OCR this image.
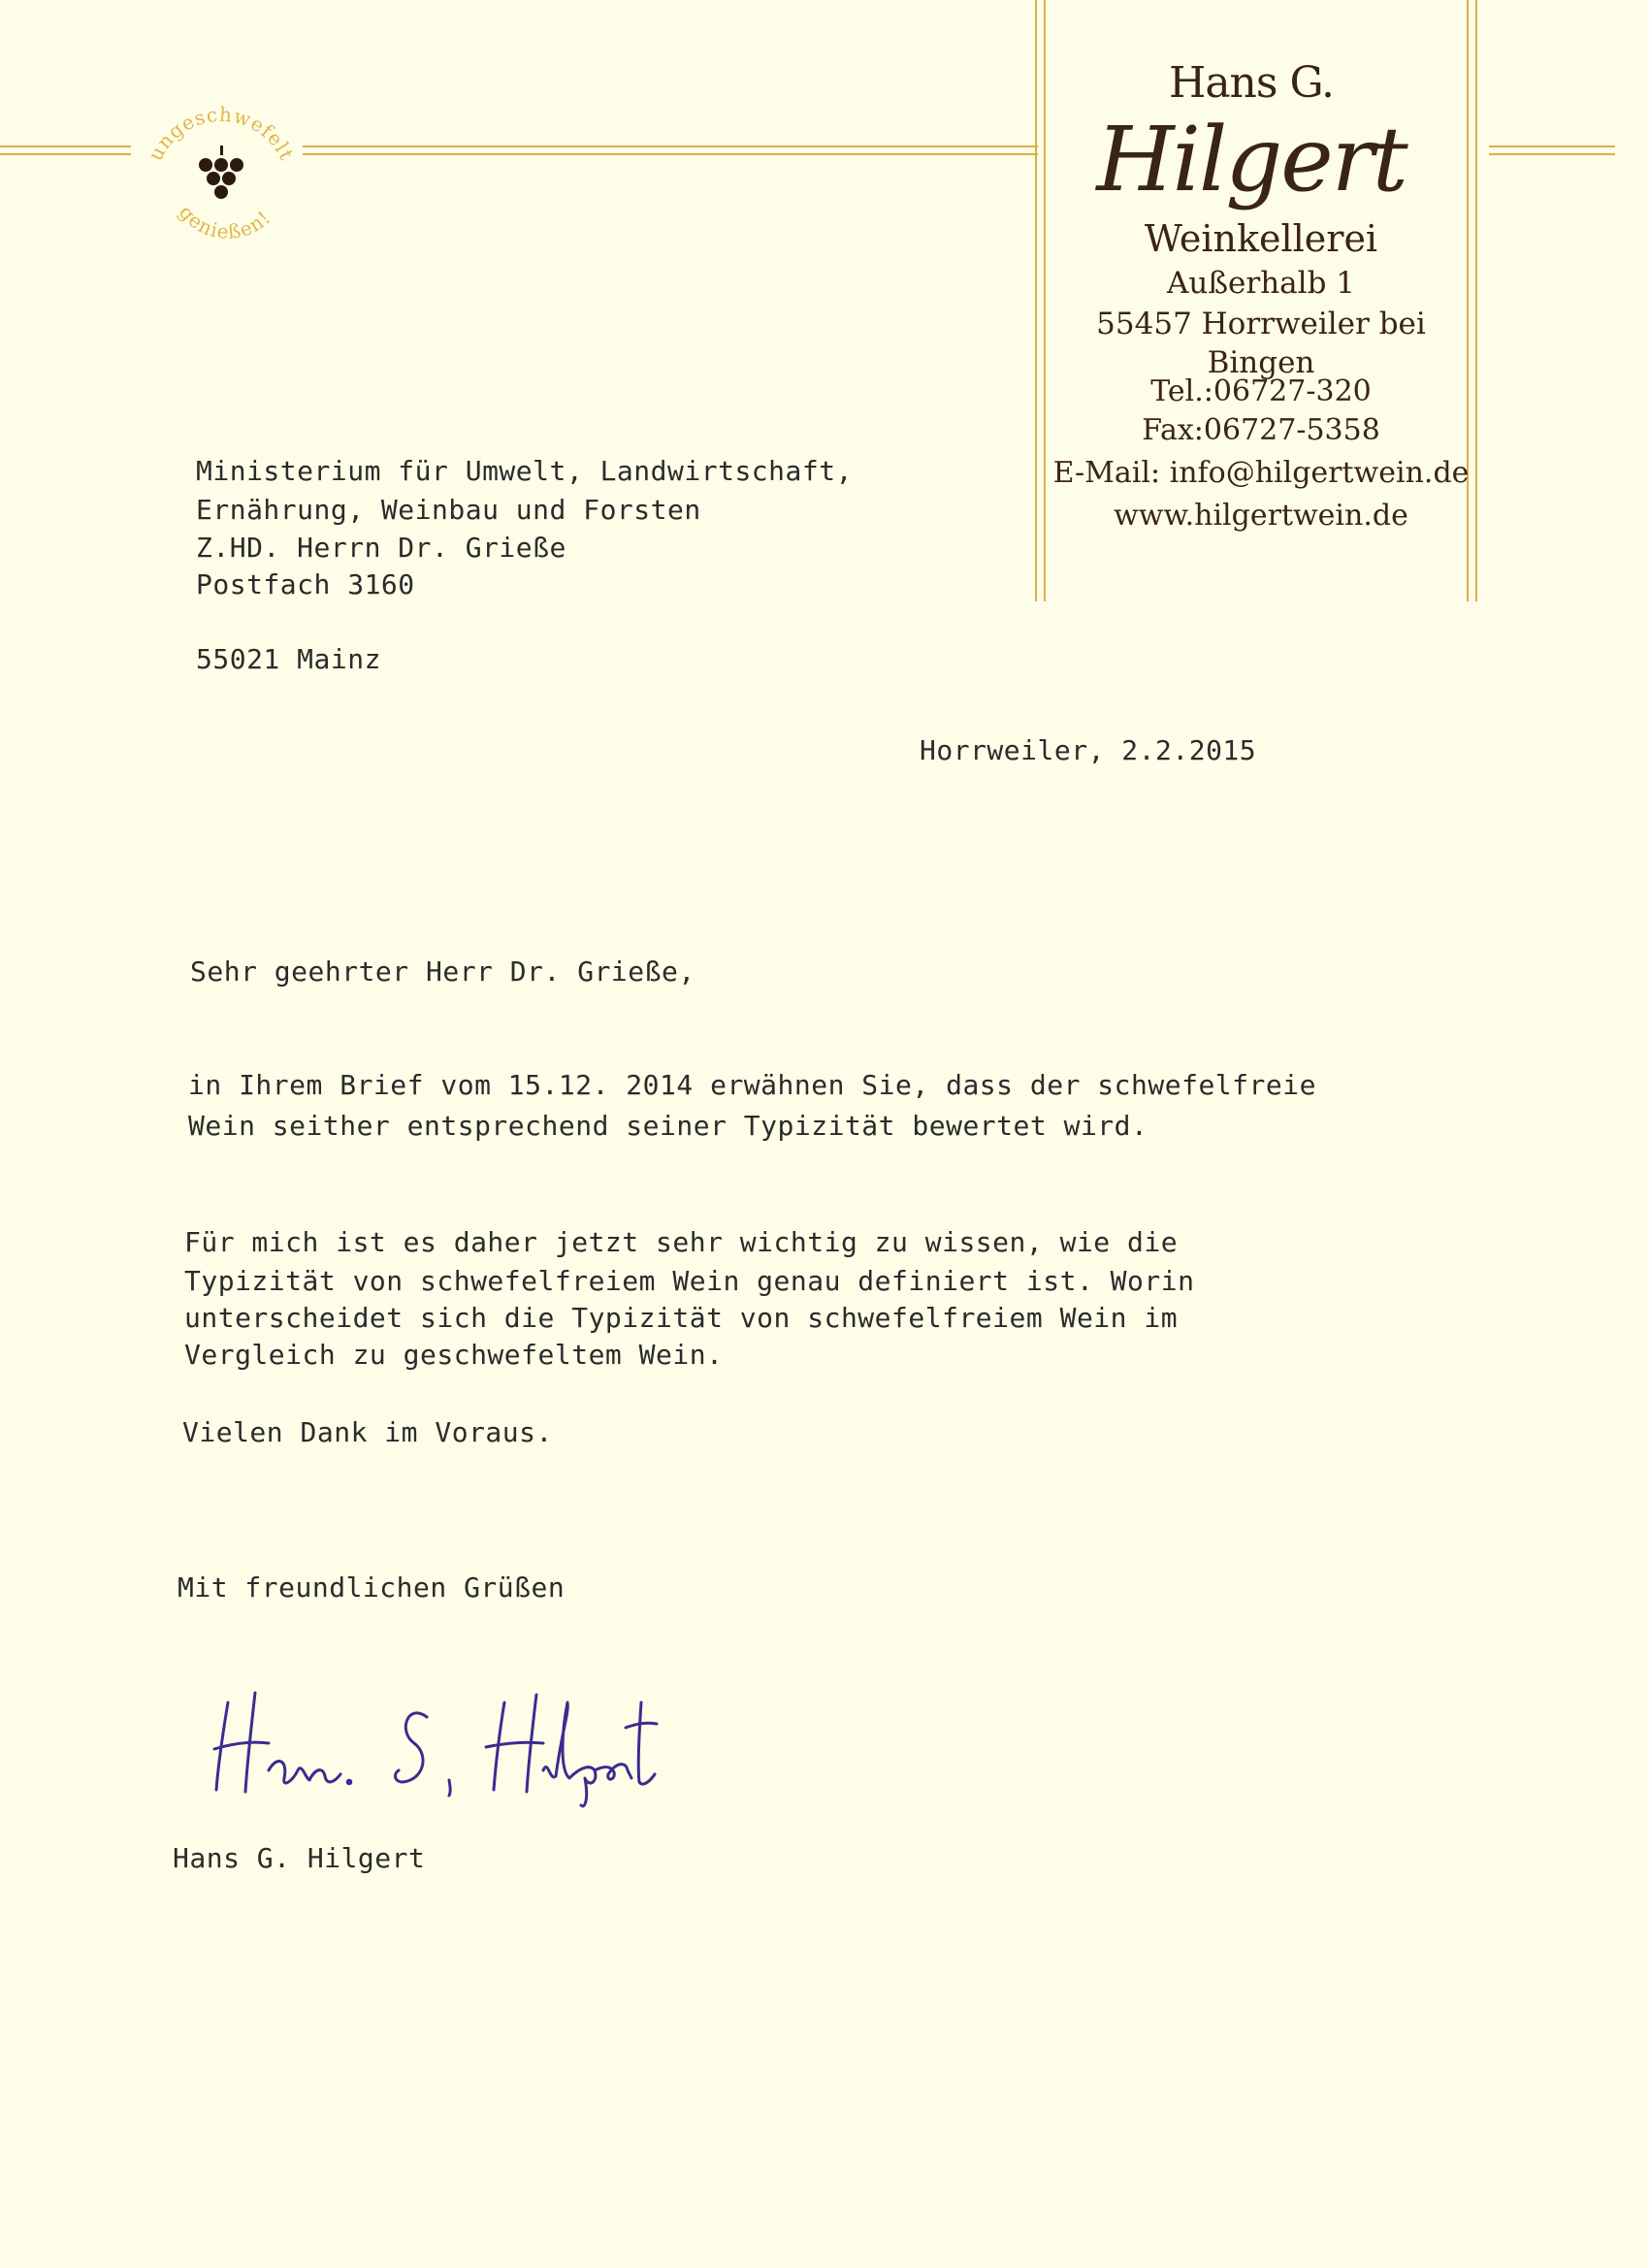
ungeschwefelt
genießen!
Hans G. Hilgert
Weinkellerei
Außerhalb 1
55457 Horrweiler bei Bingen
Tel.:06727-320
Fax:06727-5358
E-Mail: info@hilgertwein.de
www.hilgertwein.de
Ministerium für Umwelt, Landwirtschaft,
Ernährung, Weinbau und Forsten
Z.HD. Herrn Dr. Grieße
Postfach 3160
55021 Mainz
Horrweiler, 2.2.2015
Sehr geehrter Herr Dr. Grieße,
in Ihrem Brief vom 15.12. 2014 erwähnen Sie, dass der schwefelfreie
Wein seither entsprechend seiner Typizität bewertet wird.
Für mich ist es daher jetzt sehr wichtig zu wissen, wie die
Typizität von schwefelfreiem Wein genau definiert ist. Worin
unterscheidet sich die Typizität von schwefelfreiem Wein im
Vergleich zu geschwefeltem Wein.
Vielen Dank im Voraus.
Mit freundlichen Grüßen
Hans G. Hilgert
